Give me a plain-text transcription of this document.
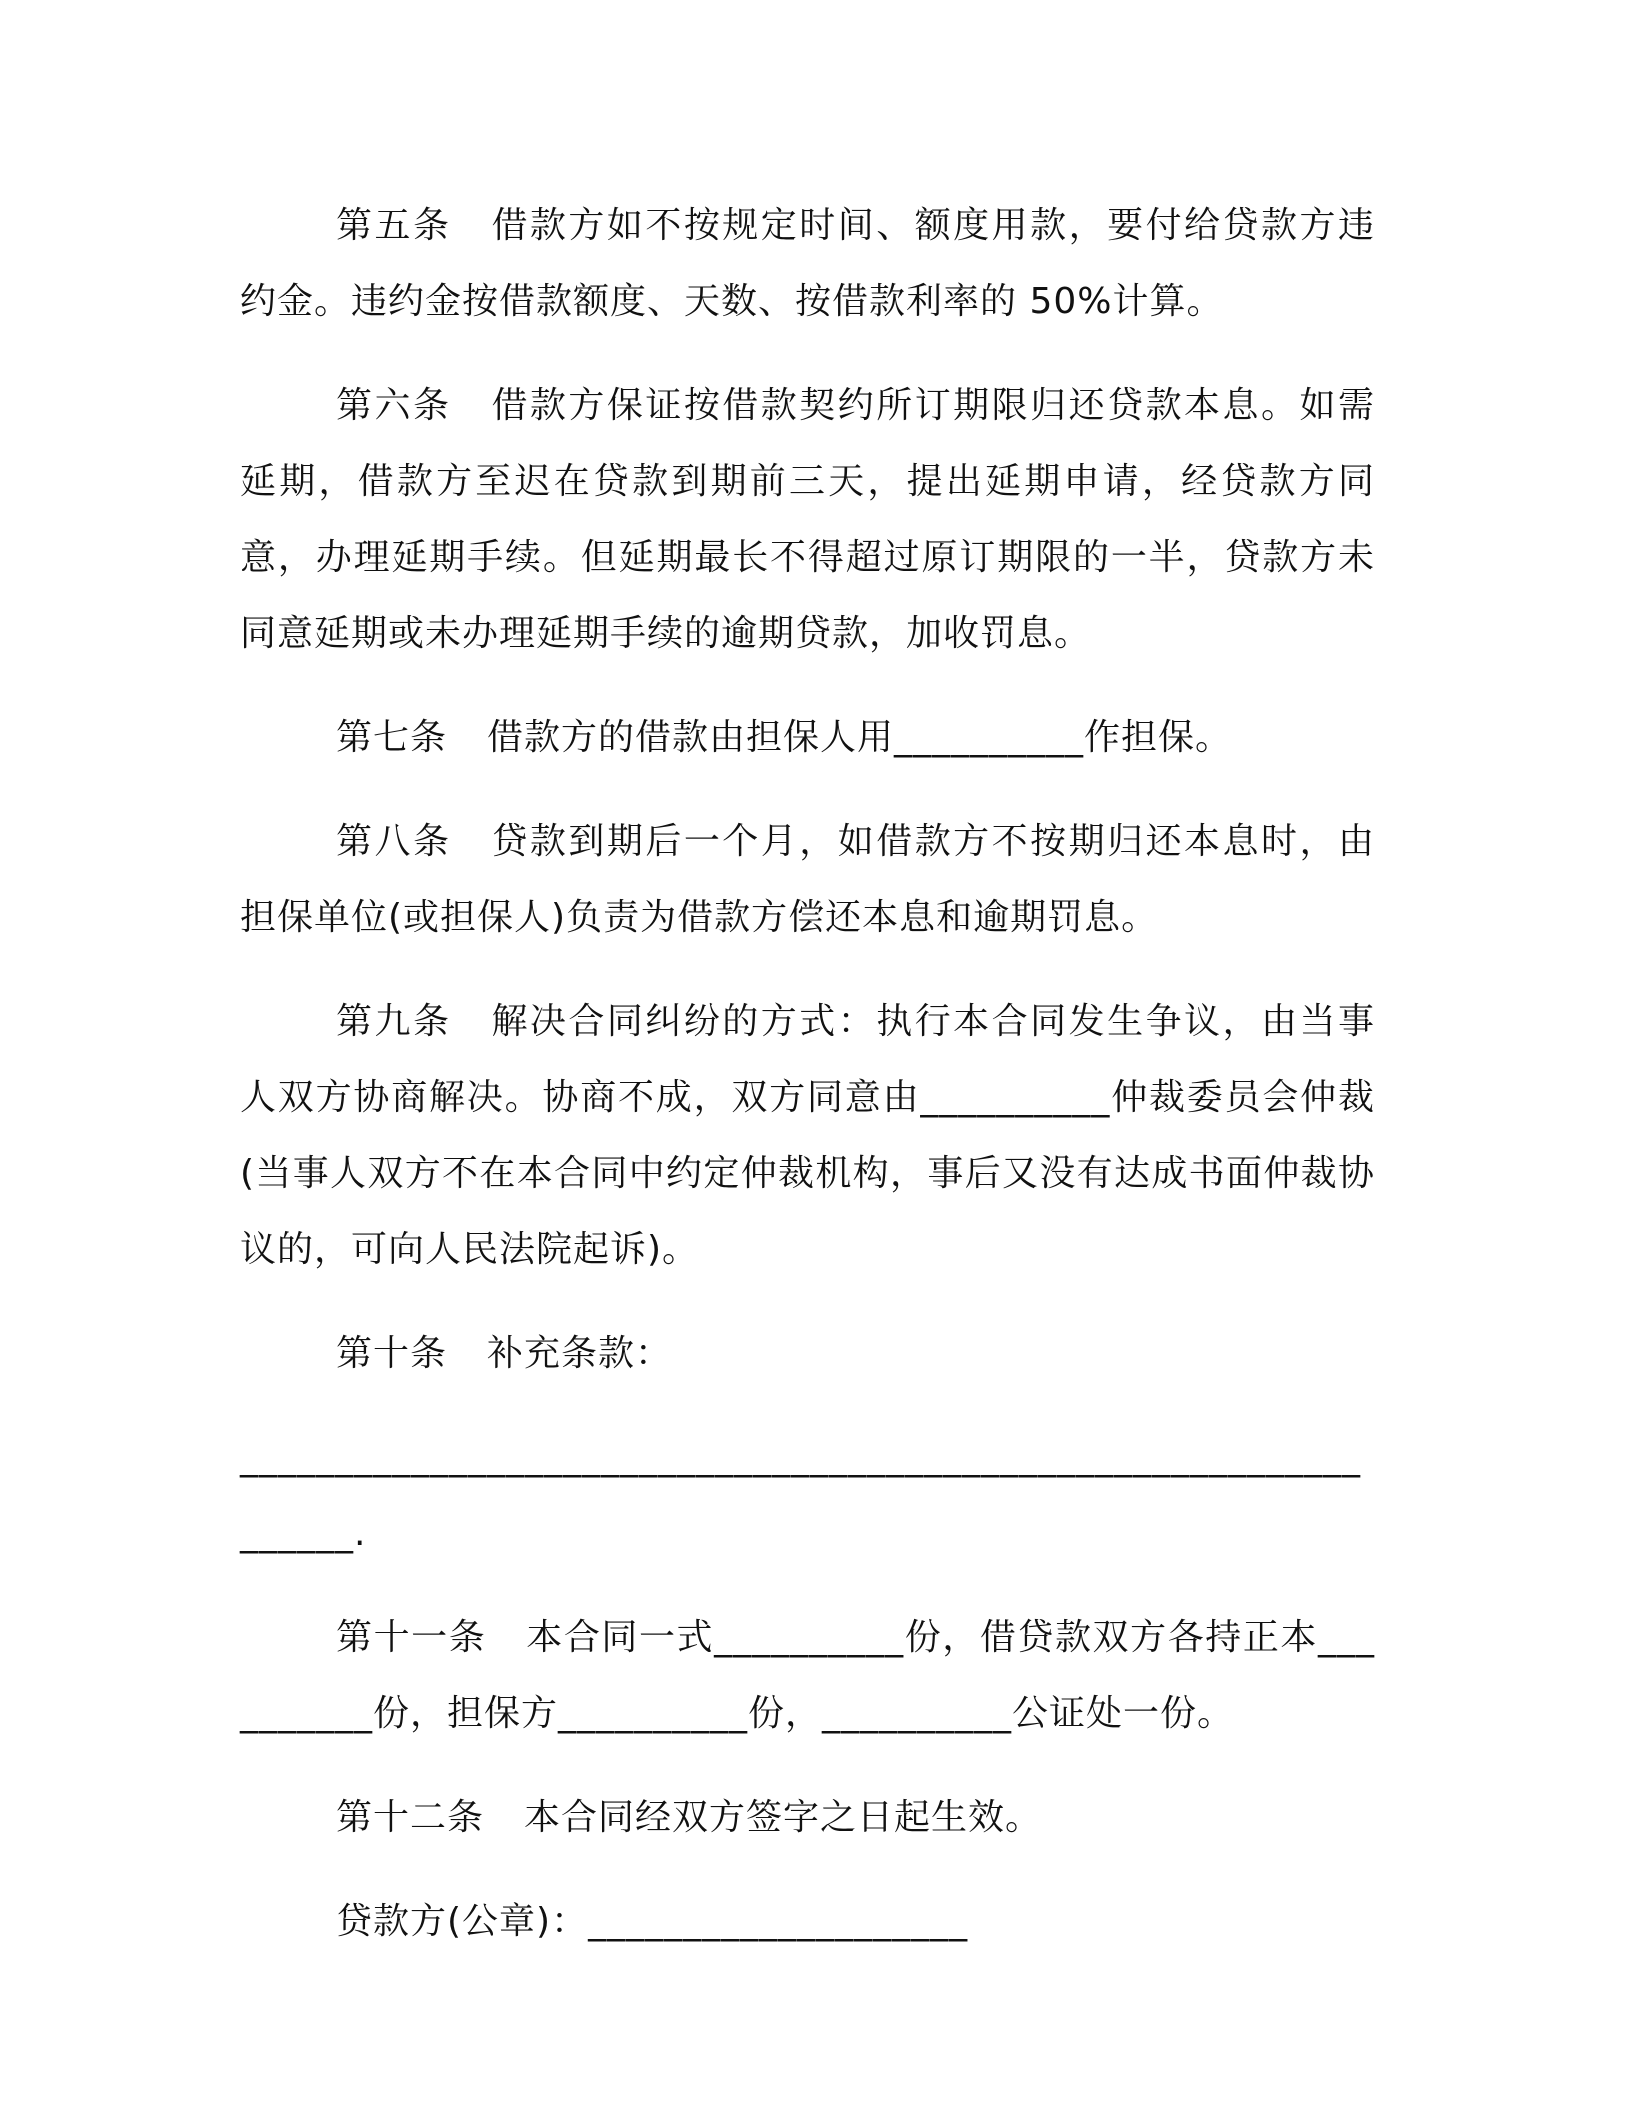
第五条 借款方如不按规定时间、额度用款，要付给贷款方违约金。违约金按借款额度、天数、按借款利率的 50%计算。

第六条 借款方保证按借款契约所订期限归还贷款本息。如需延期，借款方至迟在贷款到期前三天，提出延期申请，经贷款方同意，办理延期手续。但延期最长不得超过原订期限的一半，贷款方未同意延期或未办理延期手续的逾期贷款，加收罚息。

第七条 借款方的借款由担保人用__________作担保。

第八条 贷款到期后一个月，如借款方不按期归还本息时，由担保单位(或担保人)负责为借款方偿还本息和逾期罚息。

第九条 解决合同纠纷的方式：执行本合同发生争议，由当事人双方协商解决。协商不成，双方同意由__________仲裁委员会仲裁(当事人双方不在本合同中约定仲裁机构，事后又没有达成书面仲裁协议的，可向人民法院起诉)。

第十条 补充条款：

_________________________________________________________________.

第十一条 本合同一式__________份，借贷款双方各持正本__________份，担保方__________份，__________公证处一份。

第十二条 本合同经双方签字之日起生效。

贷款方(公章)：____________________
